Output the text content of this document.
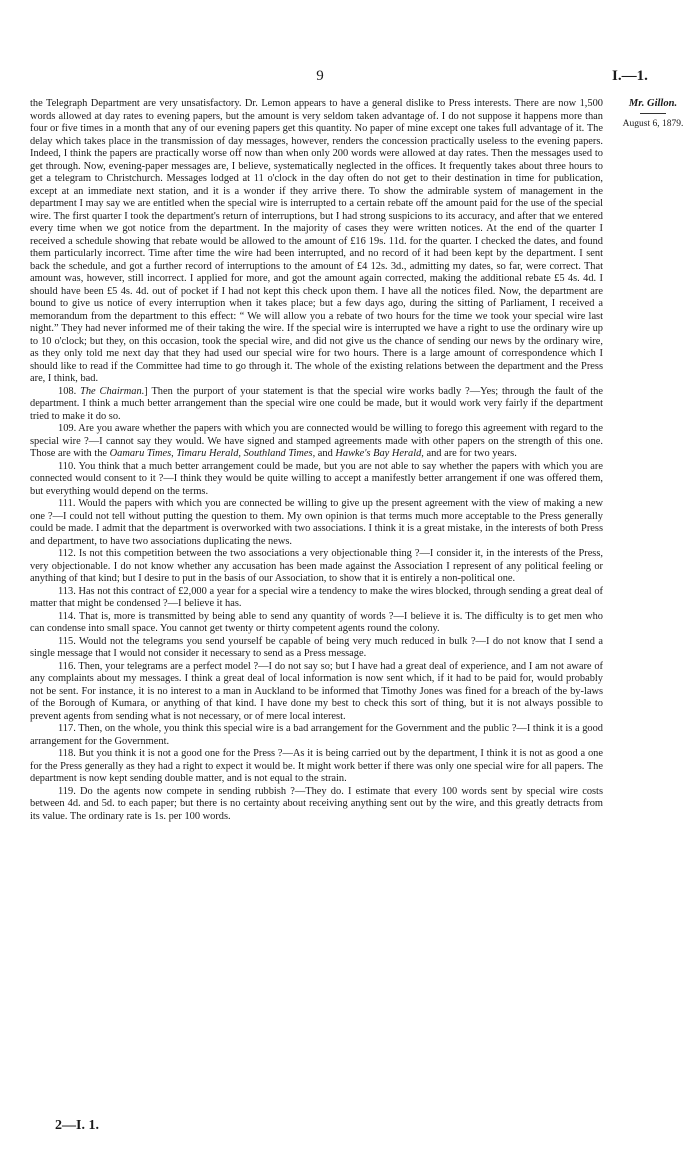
9	I.—1.
Mr. Gillon.
August 6, 1879.

the Telegraph Department are very unsatisfactory. Dr. Lemon appears to have a general dislike to Press interests. There are now 1,500 words allowed at day rates to evening papers, but the amount is very seldom taken advantage of. I do not suppose it happens more than four or five times in a month that any of our evening papers get this quantity. No paper of mine except one takes full advantage of it. The delay which takes place in the transmission of day messages, however, renders the concession practically useless to the evening papers. Indeed, I think the papers are practically worse off now than when only 200 words were allowed at day rates. Then the messages used to get through. Now, evening-paper messages are, I believe, systematically neglected in the offices. It frequently takes about three hours to get a telegram to Christchurch. Messages lodged at 11 o'clock in the day often do not get to their destination in time for publication, except at an immediate next station, and it is a wonder if they arrive there. To show the admirable system of management in the department I may say we are entitled when the special wire is interrupted to a certain rebate off the amount paid for the use of the special wire. The first quarter I took the department's return of interruptions, but I had strong suspicions to its accuracy, and after that we entered every time when we got notice from the department. In the majority of cases they were written notices. At the end of the quarter I received a schedule showing that rebate would be allowed to the amount of £16 19s. 11d. for the quarter. I checked the dates, and found them particularly incorrect. Time after time the wire had been interrupted, and no record of it had been kept by the department. I sent back the schedule, and got a further record of interruptions to the amount of £4 12s. 3d., admitting my dates, so far, were correct. That amount was, however, still incorrect. I applied for more, and got the amount again corrected, making the additional rebate £5 4s. 4d. I should have been £5 4s. 4d. out of pocket if I had not kept this check upon them. I have all the notices filed. Now, the department are bound to give us notice of every interruption when it takes place; but a few days ago, during the sitting of Parliament, I received a memorandum from the department to this effect: “ We will allow you a rebate of two hours for the time we took your special wire last night.” They had never informed me of their taking the wire. If the special wire is interrupted we have a right to use the ordinary wire up to 10 o'clock; but they, on this occasion, took the special wire, and did not give us the chance of sending our news by the ordinary wire, as they only told me next day that they had used our special wire for two hours. There is a large amount of correspondence which I should like to read if the Committee had time to go through it. The whole of the existing relations between the department and the Press are, I think, bad.

108. The Chairman.] Then the purport of your statement is that the special wire works badly ?—Yes; through the fault of the department. I think a much better arrangement than the special wire one could be made, but it would work very fairly if the department tried to make it do so.

109. Are you aware whether the papers with which you are connected would be willing to forego this agreement with regard to the special wire ?—I cannot say they would. We have signed and stamped agreements made with other papers on the strength of this one. Those are with the Oamaru Times, Timaru Herald, Southland Times, and Hawke's Bay Herald, and are for two years.

110. You think that a much better arrangement could be made, but you are not able to say whether the papers with which you are connected would consent to it ?—I think they would be quite willing to accept a manifestly better arrangement if one was offered them, but everything would depend on the terms.

111. Would the papers with which you are connected be willing to give up the present agreement with the view of making a new one ?—I could not tell without putting the question to them. My own opinion is that terms much more acceptable to the Press generally could be made. I admit that the department is overworked with two associations. I think it is a great mistake, in the interests of both Press and department, to have two associations duplicating the news.

112. Is not this competition between the two associations a very objectionable thing ?—I consider it, in the interests of the Press, very objectionable. I do not know whether any accusation has been made against the Association I represent of any political feeling or anything of that kind; but I desire to put in the basis of our Association, to show that it is entirely a non-political one.

113. Has not this contract of £2,000 a year for a special wire a tendency to make the wires blocked, through sending a great deal of matter that might be condensed ?—I believe it has.

114. That is, more is transmitted by being able to send any quantity of words ?—I believe it is. The difficulty is to get men who can condense into small space. You cannot get twenty or thirty competent agents round the colony.

115. Would not the telegrams you send yourself be capable of being very much reduced in bulk ?—I do not know that I send a single message that I would not consider it necessary to send as a Press message.

116. Then, your telegrams are a perfect model ?—I do not say so; but I have had a great deal of experience, and I am not aware of any complaints about my messages. I think a great deal of local information is now sent which, if it had to be paid for, would probably not be sent. For instance, it is no interest to a man in Auckland to be informed that Timothy Jones was fined for a breach of the by-laws of the Borough of Kumara, or anything of that kind. I have done my best to check this sort of thing, but it is not always possible to prevent agents from sending what is not necessary, or of mere local interest.

117. Then, on the whole, you think this special wire is a bad arrangement for the Government and the public ?—I think it is a good arrangement for the Government.

118. But you think it is not a good one for the Press ?—As it is being carried out by the department, I think it is not as good a one for the Press generally as they had a right to expect it would be. It might work better if there was only one special wire for all papers. The department is now kept sending double matter, and is not equal to the strain.

119. Do the agents now compete in sending rubbish ?—They do. I estimate that every 100 words sent by special wire costs between 4d. and 5d. to each paper; but there is no certainty about receiving anything sent out by the wire, and this greatly detracts from its value. The ordinary rate is 1s. per 100 words.

2—I. 1.
